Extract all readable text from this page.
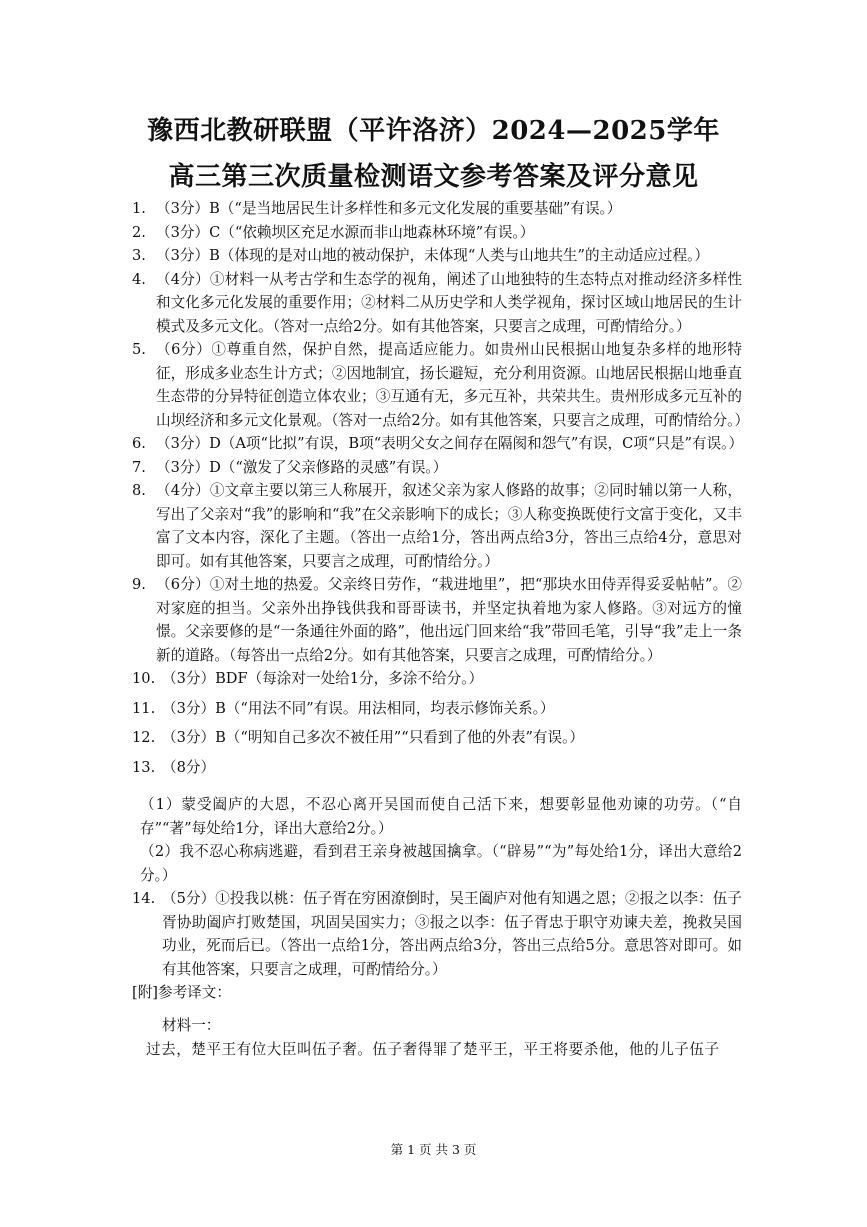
豫西北教研联盟（平许洛济）2024—2025学年
高三第三次质量检测语文参考答案及评分意见
1. （3分）B（“是当地居民生计多样性和多元文化发展的重要基础”有误。）
2. （3分）C（“依赖坝区充足水源而非山地森林环境”有误。）
3. （3分）B（体现的是对山地的被动保护，未体现“人类与山地共生”的主动适应过程。）
4. （4分）①材料一从考古学和生态学的视角，阐述了山地独特的生态特点对推动经济多样性和文化多元化发展的重要作用；②材料二从历史学和人类学视角，探讨区域山地居民的生计模式及多元文化。（答对一点给2分。如有其他答案，只要言之成理，可酌情给分。）
5. （6分）①尊重自然，保护自然，提高适应能力。如贵州山民根据山地复杂多样的地形特征，形成多业态生计方式；②因地制宜，扬长避短，充分利用资源。山地居民根据山地垂直生态带的分异特征创造立体农业；③互通有无，多元互补，共荣共生。贵州形成多元互补的山坝经济和多元文化景观。（答对一点给2分。如有其他答案，只要言之成理，可酌情给分。）
6. （3分）D（A项“比拟”有误，B项“表明父女之间存在隔阂和怨气”有误，C项“只是”有误。）
7. （3分）D（“激发了父亲修路的灵感”有误。）
8. （4分）①文章主要以第三人称展开，叙述父亲为家人修路的故事；②同时辅以第一人称，写出了父亲对“我”的影响和“我”在父亲影响下的成长；③人称变换既使行文富于变化，又丰富了文本内容，深化了主题。（答出一点给1分，答出两点给3分，答出三点给4分，意思对即可。如有其他答案，只要言之成理，可酌情给分。）
9. （6分）①对土地的热爱。父亲终日劳作，“栽进地里”，把“那块水田侍弄得妥妥帖帖”。②对家庭的担当。父亲外出挣钱供我和哥哥读书，并坚定执着地为家人修路。③对远方的憧憬。父亲要修的是“一条通往外面的路”，他出远门回来给“我”带回毛笔，引导“我”走上一条新的道路。（每答出一点给2分。如有其他答案，只要言之成理，可酌情给分。）
10. （3分）BDF（每涂对一处给1分，多涂不给分。）
11. （3分）B（“用法不同”有误。用法相同，均表示修饰关系。）
12. （3分）B（“明知自己多次不被任用”“只看到了他的外表”有误。）
13. （8分）
（1）蒙受阖庐的大恩，不忍心离开吴国而使自己活下来，想要彰显他劝谏的功劳。（“自存”“著”每处给1分，译出大意给2分。）
（2）我不忍心称病逃避，看到君王亲身被越国擒拿。（“辟易”“为”每处给1分，译出大意给2分。）
14. （5分）①投我以桃：伍子胥在穷困潦倒时，吴王阖庐对他有知遇之恩；②报之以李：伍子胥协助阖庐打败楚国，巩固吴国实力；③报之以李：伍子胥忠于职守劝谏夫差，挽救吴国功业，死而后已。（答出一点给1分，答出两点给3分，答出三点给5分。意思答对即可。如有其他答案，只要言之成理，可酌情给分。）
[附]参考译文：
材料一：
过去，楚平王有位大臣叫伍子奢。伍子奢得罪了楚平王，平王将要杀他，他的儿子伍子
第 1 页 共 3 页
